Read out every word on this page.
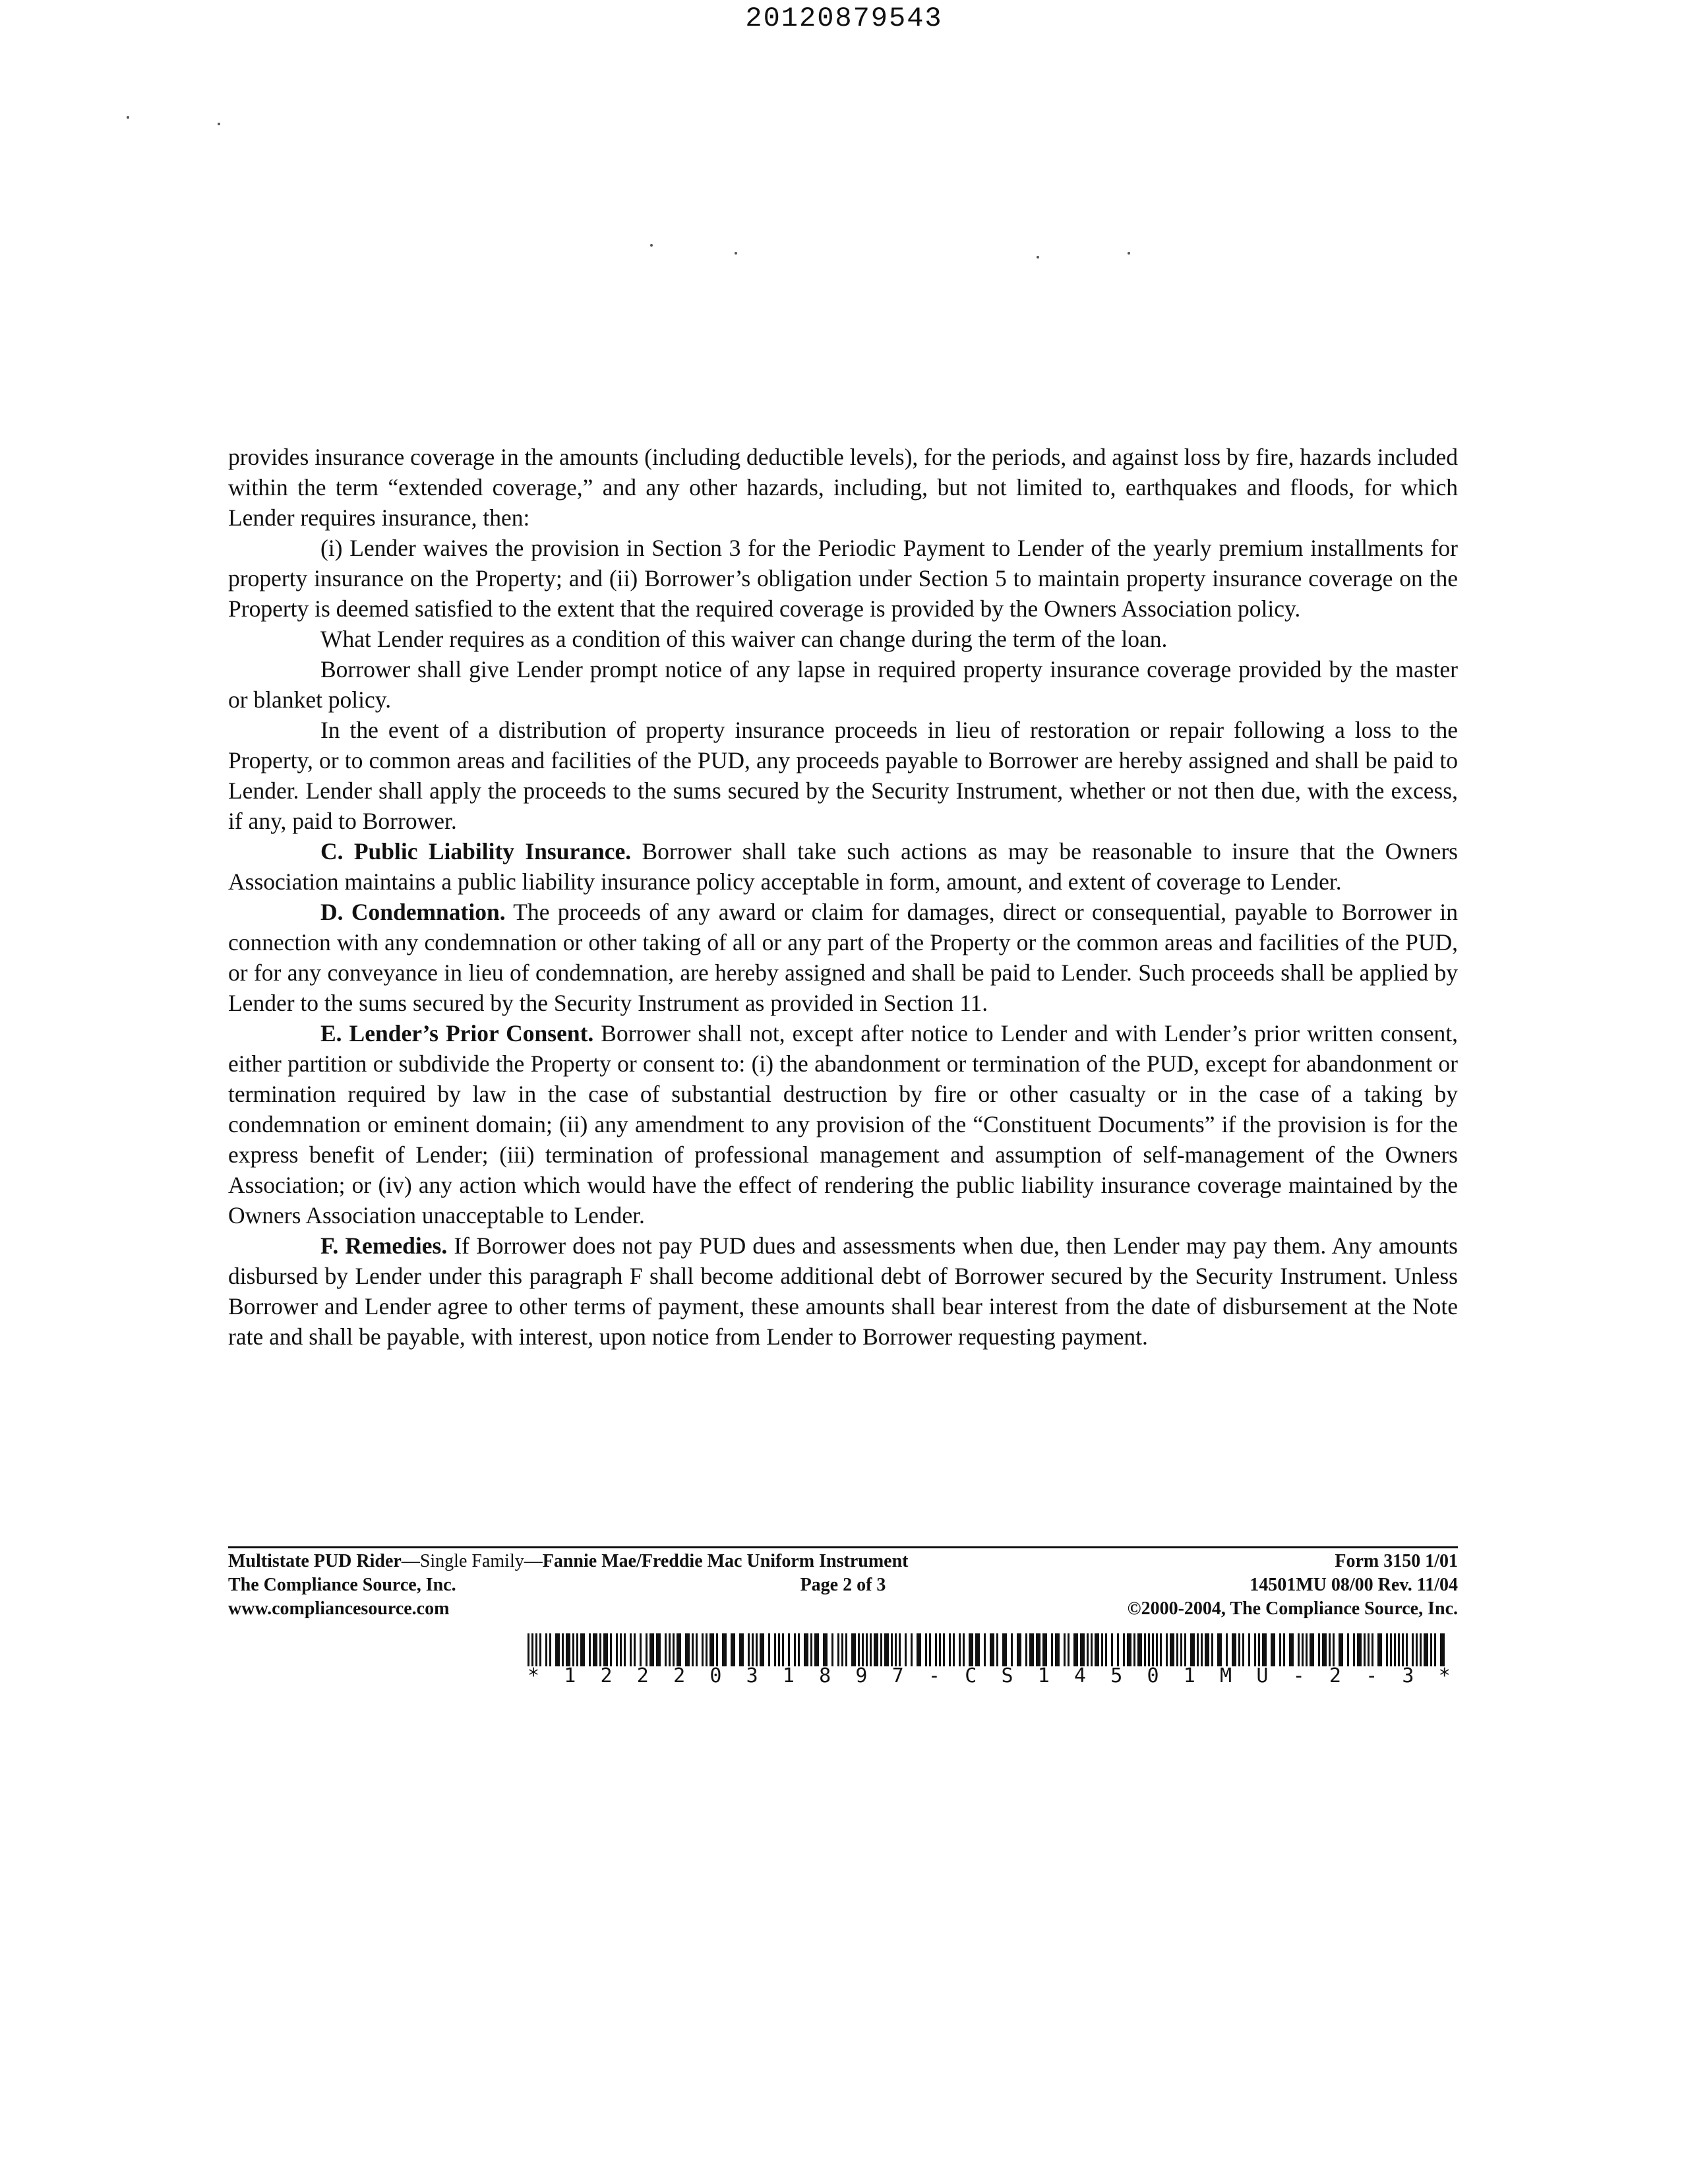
20120879543

provides insurance coverage in the amounts (including deductible levels), for the periods, and against loss by fire, hazards included within the term “extended coverage,” and any other hazards, including, but not limited to, earthquakes and floods, for which Lender requires insurance, then:

(i) Lender waives the provision in Section 3 for the Periodic Payment to Lender of the yearly premium installments for property insurance on the Property; and (ii) Borrower’s obligation under Section 5 to maintain property insurance coverage on the Property is deemed satisfied to the extent that the required coverage is provided by the Owners Association policy.

What Lender requires as a condition of this waiver can change during the term of the loan.

Borrower shall give Lender prompt notice of any lapse in required property insurance coverage provided by the master or blanket policy.

In the event of a distribution of property insurance proceeds in lieu of restoration or repair following a loss to the Property, or to common areas and facilities of the PUD, any proceeds payable to Borrower are hereby assigned and shall be paid to Lender. Lender shall apply the proceeds to the sums secured by the Security Instrument, whether or not then due, with the excess, if any, paid to Borrower.

C. Public Liability Insurance. Borrower shall take such actions as may be reasonable to insure that the Owners Association maintains a public liability insurance policy acceptable in form, amount, and extent of coverage to Lender.

D. Condemnation. The proceeds of any award or claim for damages, direct or consequential, payable to Borrower in connection with any condemnation or other taking of all or any part of the Property or the common areas and facilities of the PUD, or for any conveyance in lieu of condemnation, are hereby assigned and shall be paid to Lender. Such proceeds shall be applied by Lender to the sums secured by the Security Instrument as provided in Section 11.

E. Lender’s Prior Consent. Borrower shall not, except after notice to Lender and with Lender’s prior written consent, either partition or subdivide the Property or consent to: (i) the abandonment or termination of the PUD, except for abandonment or termination required by law in the case of substantial destruction by fire or other casualty or in the case of a taking by condemnation or eminent domain; (ii) any amendment to any provision of the “Constituent Documents” if the provision is for the express benefit of Lender; (iii) termination of professional management and assumption of self-management of the Owners Association; or (iv) any action which would have the effect of rendering the public liability insurance coverage maintained by the Owners Association unacceptable to Lender.

F. Remedies. If Borrower does not pay PUD dues and assessments when due, then Lender may pay them. Any amounts disbursed by Lender under this paragraph F shall become additional debt of Borrower secured by the Security Instrument. Unless Borrower and Lender agree to other terms of payment, these amounts shall bear interest from the date of disbursement at the Note rate and shall be payable, with interest, upon notice from Lender to Borrower requesting payment.

Multistate PUD Rider—Single Family—Fannie Mae/Freddie Mac Uniform Instrument	Form 3150 1/01
The Compliance Source, Inc.	Page 2 of 3	14501MU 08/00 Rev. 11/04
www.compliancesource.com	©2000-2004, The Compliance Source, Inc.
* 1 2 2 2 0 3 1 8 9 7 - C S 1 4 5 0 1 M U - 2 - 3 *
